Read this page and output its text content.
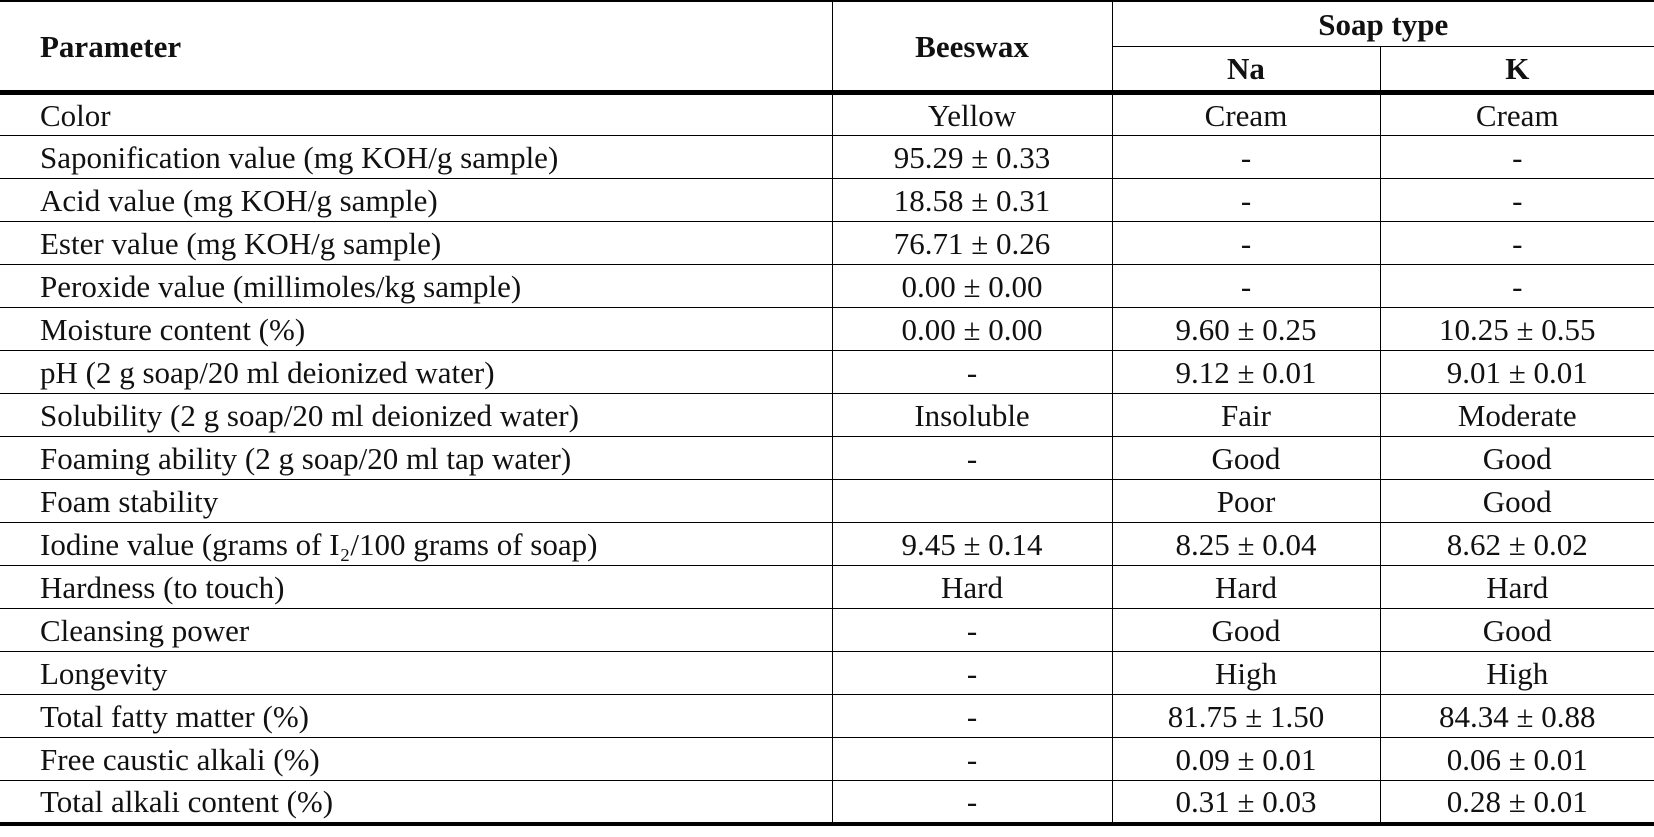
Parameter	Beeswax	Soap type	
		Na	K
Color	Yellow	Cream	Cream
Saponification value (mg KOH/g sample)	95.29 ± 0.33	-	-
Acid value (mg KOH/g sample)	18.58 ± 0.31	-	-
Ester value (mg KOH/g sample)	76.71 ± 0.26	-	-
Peroxide value (millimoles/kg sample)	0.00 ± 0.00	-	-
Moisture content (%)	0.00 ± 0.00	9.60 ± 0.25	10.25 ± 0.55
pH (2 g soap/20 ml deionized water)	-	9.12 ± 0.01	9.01 ± 0.01
Solubility (2 g soap/20 ml deionized water)	Insoluble	Fair	Moderate
Foaming ability (2 g soap/20 ml tap water)	-	Good	Good
Foam stability		Poor	Good
Iodine value (grams of I₂/100 grams of soap)	9.45 ± 0.14	8.25 ± 0.04	8.62 ± 0.02
Hardness (to touch)	Hard	Hard	Hard
Cleansing power	-	Good	Good
Longevity	-	High	High
Total fatty matter (%)	-	81.75 ± 1.50	84.34 ± 0.88
Free caustic alkali (%)	-	0.09 ± 0.01	0.06 ± 0.01
Total alkali content (%)	-	0.31 ± 0.03	0.28 ± 0.01
